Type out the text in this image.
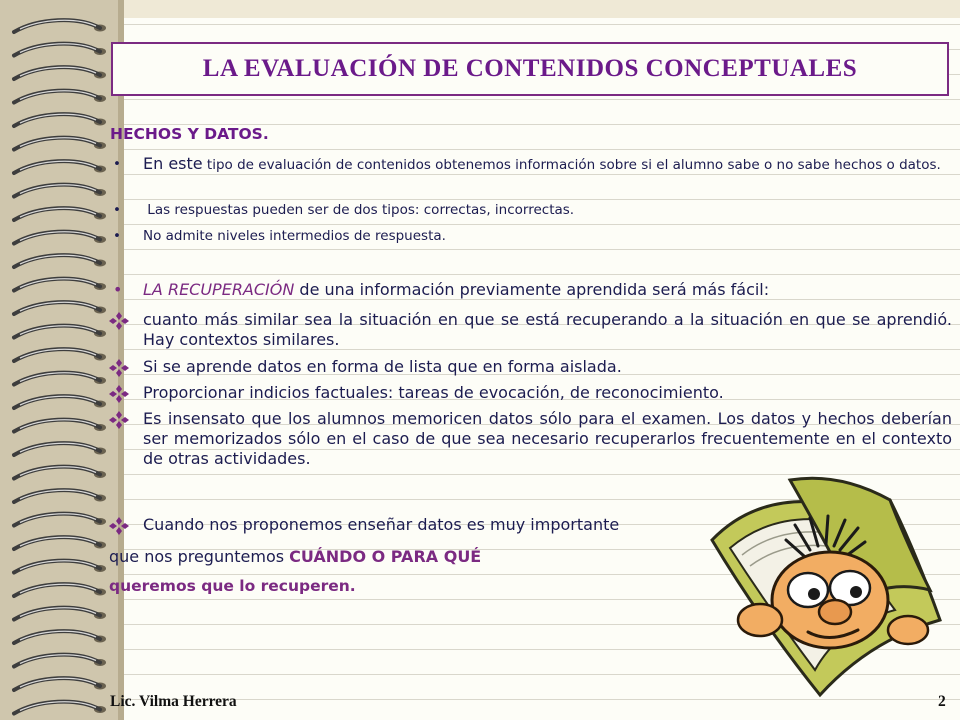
LA EVALUACIÓN DE CONTENIDOS CONCEPTUALES
HECHOS Y DATOS.
• En este tipo de evaluación de contenidos obtenemos información sobre si el alumno sabe o no sabe hechos o datos.
• Las respuestas pueden ser de dos tipos: correctas, incorrectas.
• No admite niveles intermedios de respuesta.
• LA RECUPERACIÓN de una información previamente aprendida será más fácil:
cuanto más similar sea la situación en que se está recuperando a la situación en que se aprendió. Hay contextos similares.
Si se aprende datos en forma de lista que en forma aislada.
Proporcionar indicios factuales: tareas de evocación, de reconocimiento.
Es insensato que los alumnos memoricen datos sólo para el examen. Los datos y hechos deberían ser memorizados sólo en el caso de que sea necesario recuperarlos frecuentemente en el contexto de otras actividades.
Cuando nos proponemos enseñar datos es muy importante
que nos preguntemos CUÁNDO O PARA QUÉ
queremos que lo recuperen.
Lic. Vilma Herrera	2
